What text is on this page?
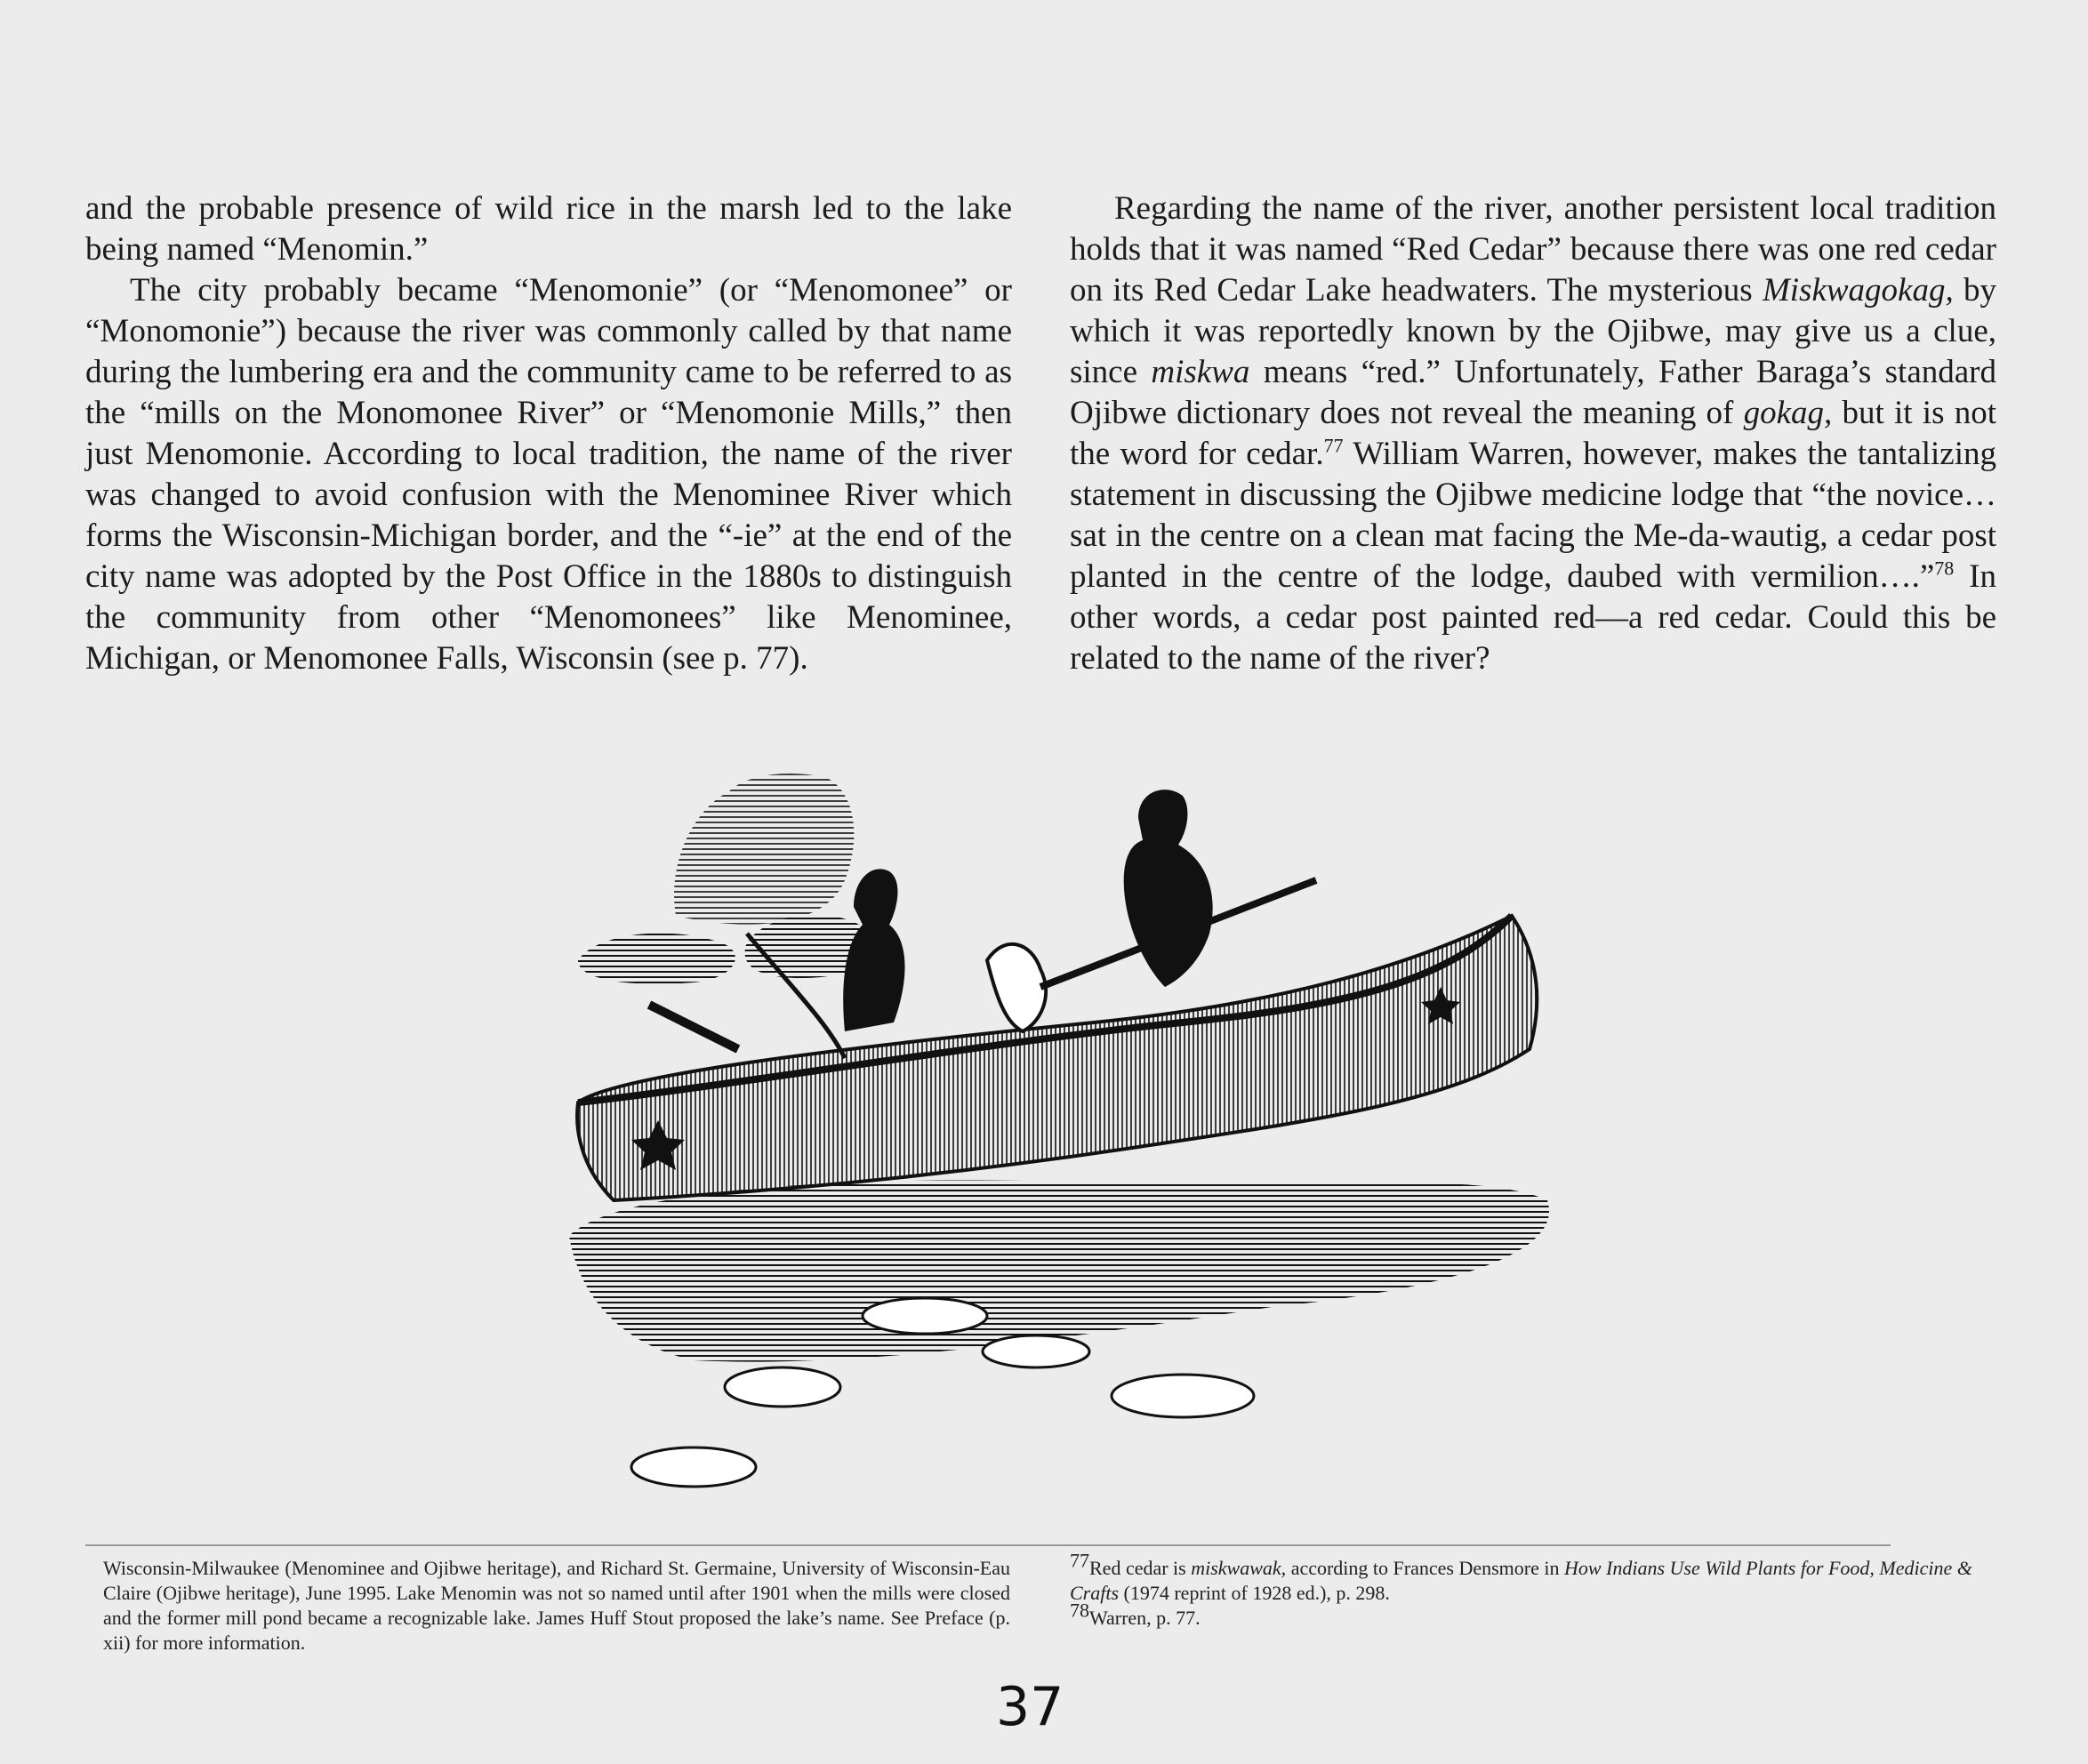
and the probable presence of wild rice in the marsh led to the lake being named “Menomin.”

The city probably became “Menomonie” (or “Menomonee” or “Monomonie”) because the river was commonly called by that name during the lumbering era and the community came to be referred to as the “mills on the Monomonee River” or “Menomonie Mills,” then just Menomonie. According to local tradition, the name of the river was changed to avoid confusion with the Menominee River which forms the Wisconsin-Michigan border, and the “-ie” at the end of the city name was adopted by the Post Office in the 1880s to distinguish the community from other “Menomonees” like Menominee, Michigan, or Menomonee Falls, Wisconsin (see p. 77).

Regarding the name of the river, another persistent local tradition holds that it was named “Red Cedar” because there was one red cedar on its Red Cedar Lake headwaters. The mysterious Miskwagokag, by which it was reportedly known by the Ojibwe, may give us a clue, since miskwa means “red.” Unfortunately, Father Baraga’s standard Ojibwe dictionary does not reveal the meaning of gokag, but it is not the word for cedar.$^{77}$ William Warren, however, makes the tantalizing statement in discussing the Ojibwe medicine lodge that “the novice…sat in the centre on a clean mat facing the Me-da-wautig, a cedar post planted in the centre of the lodge, daubed with vermilion….”$^{78}$ In other words, a cedar post painted red—a red cedar. Could this be related to the name of the river?

Wisconsin-Milwaukee (Menominee and Ojibwe heritage), and Richard St. Germaine, University of Wisconsin-Eau Claire (Ojibwe heritage), June 1995. Lake Menomin was not so named until after 1901 when the mills were closed and the former mill pond became a recognizable lake. James Huff Stout proposed the lake’s name. See Preface (p. xii) for more information.

77Red cedar is miskwawak, according to Frances Densmore in How Indians Use Wild Plants for Food, Medicine & Crafts (1974 reprint of 1928 ed.), p. 298.

78Warren, p. 77.

37
